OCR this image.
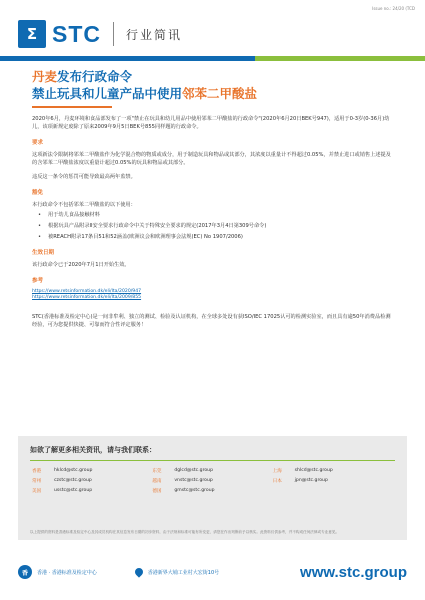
Issue no.: 24/20 (TCD
Σ STC 行业简讯
丹麦发布行政命令
禁止玩具和儿童产品中使用邻苯二甲酸盐

2020年6月，丹麦环境和食品部发布了一项"禁止在玩具和幼儿用品中使用邻苯二甲酸盐的行政命令"(2020年6月20日BEK号947)，适用于0-3岁(0-36月)幼儿，该项新规定废除了原来2009年9月5日BEK号855同样题的行政命令。

要求

这项新法令限制将邻苯二甲酸盐作为化学混合物的物质或成分，用于制造玩具和物品或其部分，其浓度以重量计不得超过0.05%，并禁止进口或销售上述提及的含邻苯二甲酸盐浓度以重量计超过0.05%的玩具和物品或其部分。

违反这一条令的惩罚可能导致最高两年监禁。

豁免

本行政命令不包括邻苯二甲酸盐的以下使用：

• 用于幼儿食品接触材料
• 根据玩具产品附录II安全要求行政命令中关于特殊安全要求的规定(2017年3月4日第309号命令)
• 被REACH附录17条目51和52涵盖(欧洲议会和欧洲理事会法规(EC) No 1907/2006)
生效日期

该行政命令已于2020年7月1日开始生效。

参考
https://www.retsinformation.dk/eli/lta/2020/947
https://www.retsinformation.dk/eli/lta/2009/855

STC(香港标准及检定中心)是一间非牟利、独立的测试、检验及认证机构，在全球多处设有获ISO/IEC 17025认可的检测实验室，而且具有逾50年消费品检测经验，可为您提供快捷、可靠而符合性评定服务！

如欲了解更多相关资讯，请与我们联系：
香港	hklcd@stc.group	东莞	dglcd@stc.group	上海	shlcd@stc.group
常州	czstc@stc.group	越南	vnstc@stc.group	日本	jpn@stc.group
美国	usstc@stc.group	德国	gmstc@stc.group
以上提供的资料是香港标准及检定中心及其成员机构在其信息发布日期的初步资料，由于法规和标准可能有所变更，请您在作出判断前予以核实。此资料仅供参考，并不构成任何法律或专业意见。
香	香港 · 香港标准及检定中心	香港新界大埔工业村大宏街10号	www.stc.group
